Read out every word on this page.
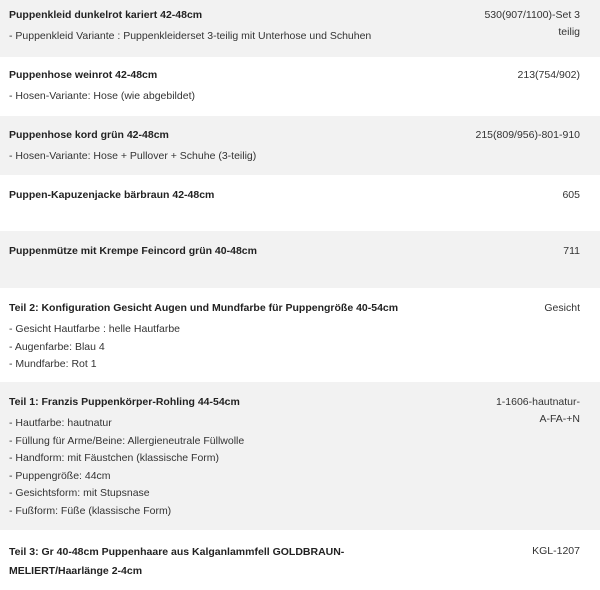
Puppenkleid dunkelrot kariert 42-48cm
- Puppenkleid Variante : Puppenkleiderset 3-teilig mit Unterhose und Schuhen
530(907/1100)-Set 3
teilig
Puppenhose weinrot 42-48cm
- Hosen-Variante: Hose (wie abgebildet)
213(754/902)
Puppenhose kord grün 42-48cm
- Hosen-Variante: Hose + Pullover + Schuhe (3-teilig)
215(809/956)-801-910
Puppen-Kapuzenjacke bärbraun 42-48cm	605
Puppenmütze mit Krempe Feincord grün 40-48cm	711
Teil 2: Konfiguration Gesicht Augen und Mundfarbe für Puppengröße 40-54cm
- Gesicht Hautfarbe : helle Hautfarbe
- Augenfarbe: Blau 4
- Mundfarbe: Rot 1
Gesicht
Teil 1: Franzis Puppenkörper-Rohling 44-54cm
- Hautfarbe: hautnatur
- Füllung für Arme/Beine: Allergieneutrale Füllwolle
- Handform: mit Fäustchen (klassische Form)
- Puppengröße: 44cm
- Gesichtsform: mit Stupsnase
- Fußform: Füße (klassische Form)
1-1606-hautnatur-
A-FA-+N
Teil 3: Gr 40-48cm Puppenhaare aus Kalganlammfell GOLDBRAUN-
MELIERT/Haarlänge 2-4cm
KGL-1207
